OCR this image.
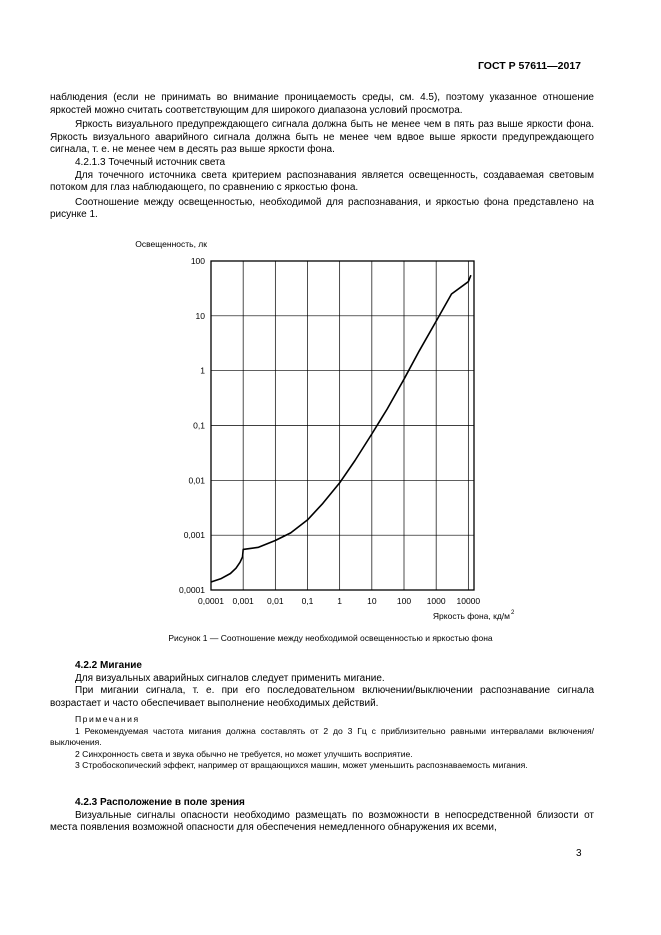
ГОСТ Р 57611—2017

наблюдения (если не принимать во внимание проницаемость среды, см. 4.5), поэтому указанное отношение яркостей можно считать соответствующим для широкого диапазона условий просмотра.

Яркость визуального предупреждающего сигнала должна быть не менее чем в пять раз выше яркости фона. Яркость визуального аварийного сигнала должна быть не менее чем вдвое выше яркости предупреждающего сигнала, т. е. не менее чем в десять раз выше яркости фона.

4.2.1.3 Точечный источник света

Для точечного источника света критерием распознавания является освещенность, создаваемая световым потоком для глаз наблюдающего, по сравнению с яркостью фона.

Соотношение между освещенностью, необходимой для распознавания, и яркостью фона представлено на рисунке 1.

0,0001 0,001 0,01 0,1	1	10 100 1000 10000
0,0001
0,001
0,01
0,1
1
10
100
Освещенность, лк
Яркость фона, кд/м 2
Рисунок 1 — Соотношение между необходимой освещенностью и яркостью фона

4.2.2 Мигание

Для визуальных аварийных сигналов следует применить мигание.

При мигании сигнала, т. е. при его последовательном включении/выключении распознавание сигнала возрастает и часто обеспечивает выполнение необходимых действий.

Примечания

1 Рекомендуемая частота мигания должна составлять от 2 до 3 Гц с приблизительно равными интервалами включения/выключения.

2 Синхронность света и звука обычно не требуется, но может улучшить восприятие.

3 Стробоскопический эффект, например от вращающихся машин, может уменьшить распознаваемость мигания.

4.2.3 Расположение в поле зрения

Визуальные сигналы опасности необходимо размещать по возможности в непосредственной близости от места появления возможной опасности для обеспечения немедленного обнаружения их всеми,

3
